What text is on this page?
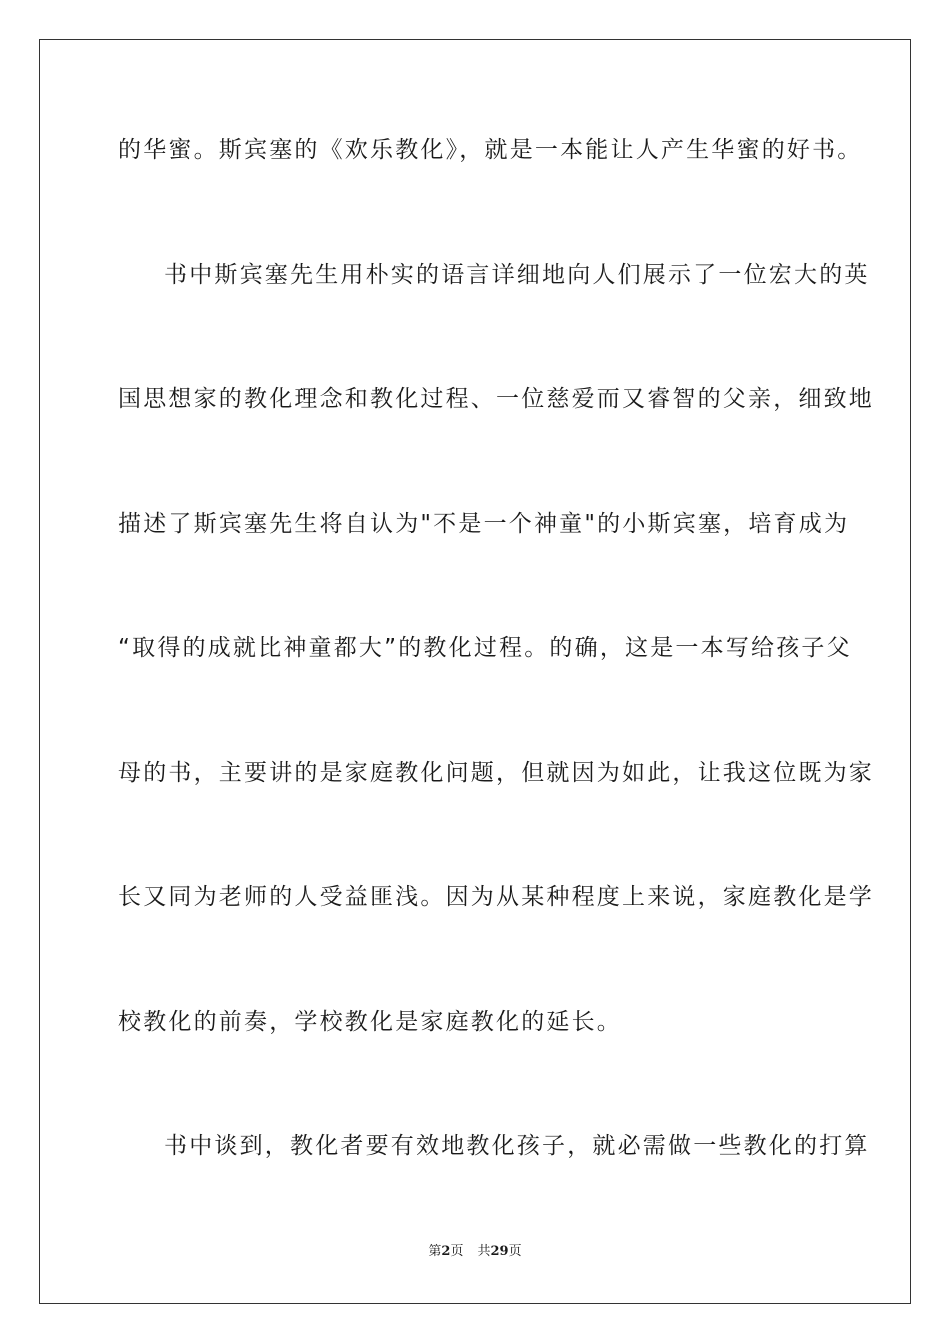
的华蜜。斯宾塞的《欢乐教化》，就是一本能让人产生华蜜的好书。
书中斯宾塞先生用朴实的语言详细地向人们展示了一位宏大的英
国思想家的教化理念和教化过程、一位慈爱而又睿智的父亲，细致地
描述了斯宾塞先生将自认为"不是一个神童"的小斯宾塞，培育成为
“取得的成就比神童都大”的教化过程。的确，这是一本写给孩子父
母的书，主要讲的是家庭教化问题，但就因为如此，让我这位既为家
长又同为老师的人受益匪浅。因为从某种程度上来说，家庭教化是学
校教化的前奏，学校教化是家庭教化的延长。
书中谈到，教化者要有效地教化孩子，就必需做一些教化的打算
第2页 共29页
